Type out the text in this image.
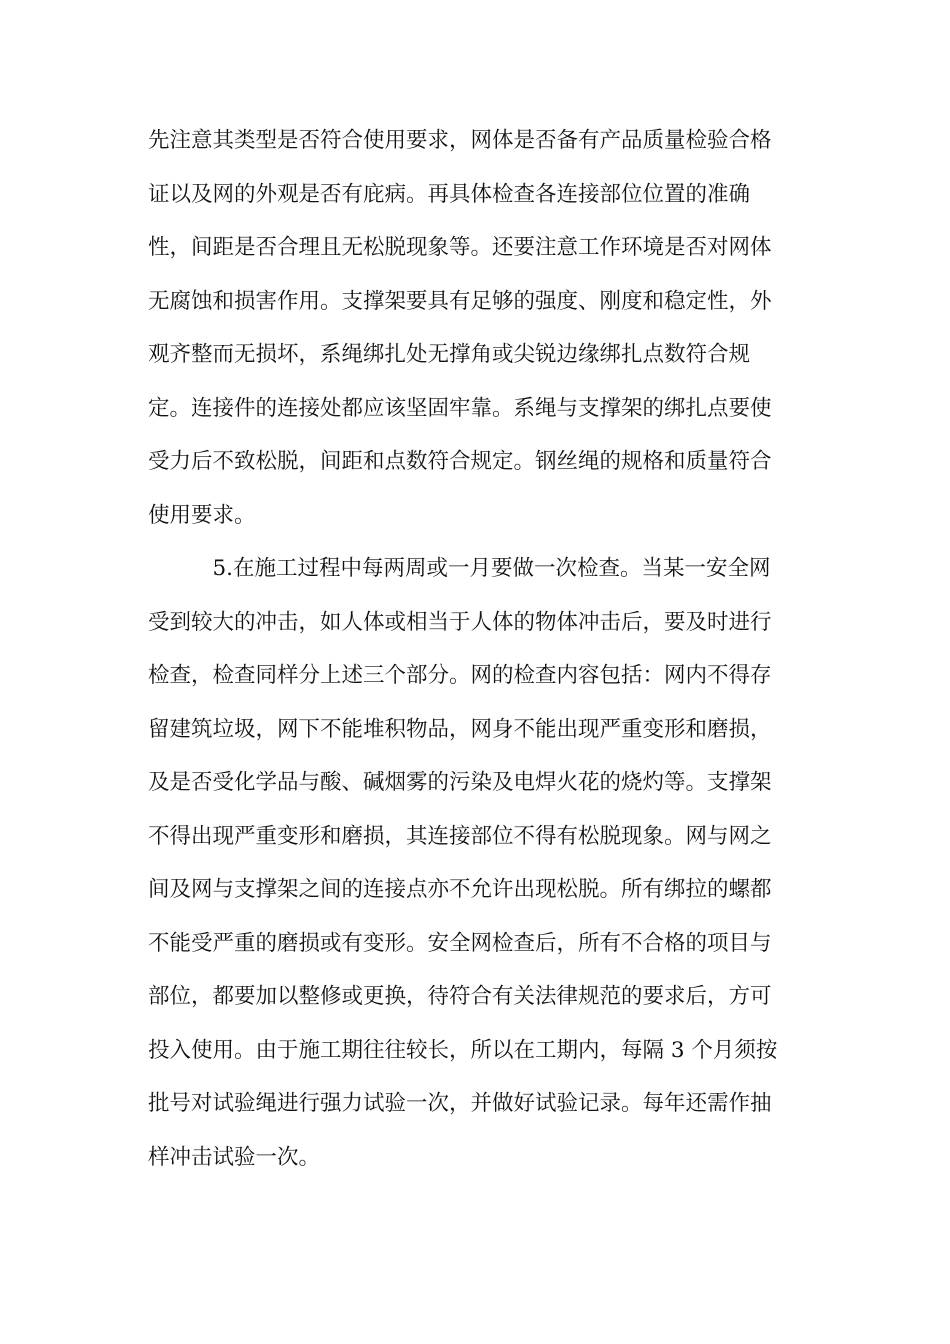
先注意其类型是否符合使用要求，网体是否备有产品质量检验合格
证以及网的外观是否有庇病。再具体检查各连接部位位置的准确
性，间距是否合理且无松脱现象等。还要注意工作环境是否对网体
无腐蚀和损害作用。支撑架要具有足够的强度、刚度和稳定性，外
观齐整而无损坏，系绳绑扎处无撑角或尖锐边缘绑扎点数符合规
定。连接件的连接处都应该坚固牢靠。系绳与支撑架的绑扎点要使
受力后不致松脱，间距和点数符合规定。钢丝绳的规格和质量符合
使用要求。
　　　5.在施工过程中每两周或一月要做一次检查。当某一安全网
受到较大的冲击，如人体或相当于人体的物体冲击后，要及时进行
检查，检查同样分上述三个部分。网的检查内容包括：网内不得存
留建筑垃圾，网下不能堆积物品，网身不能出现严重变形和磨损，
及是否受化学品与酸、碱烟雾的污染及电焊火花的烧灼等。支撑架
不得出现严重变形和磨损，其连接部位不得有松脱现象。网与网之
间及网与支撑架之间的连接点亦不允许出现松脱。所有绑拉的螺都
不能受严重的磨损或有变形。安全网检查后，所有不合格的项目与
部位，都要加以整修或更换，待符合有关法律规范的要求后，方可
投入使用。由于施工期往往较长，所以在工期内，每隔 3 个月须按
批号对试验绳进行强力试验一次，并做好试验记录。每年还需作抽
样冲击试验一次。
